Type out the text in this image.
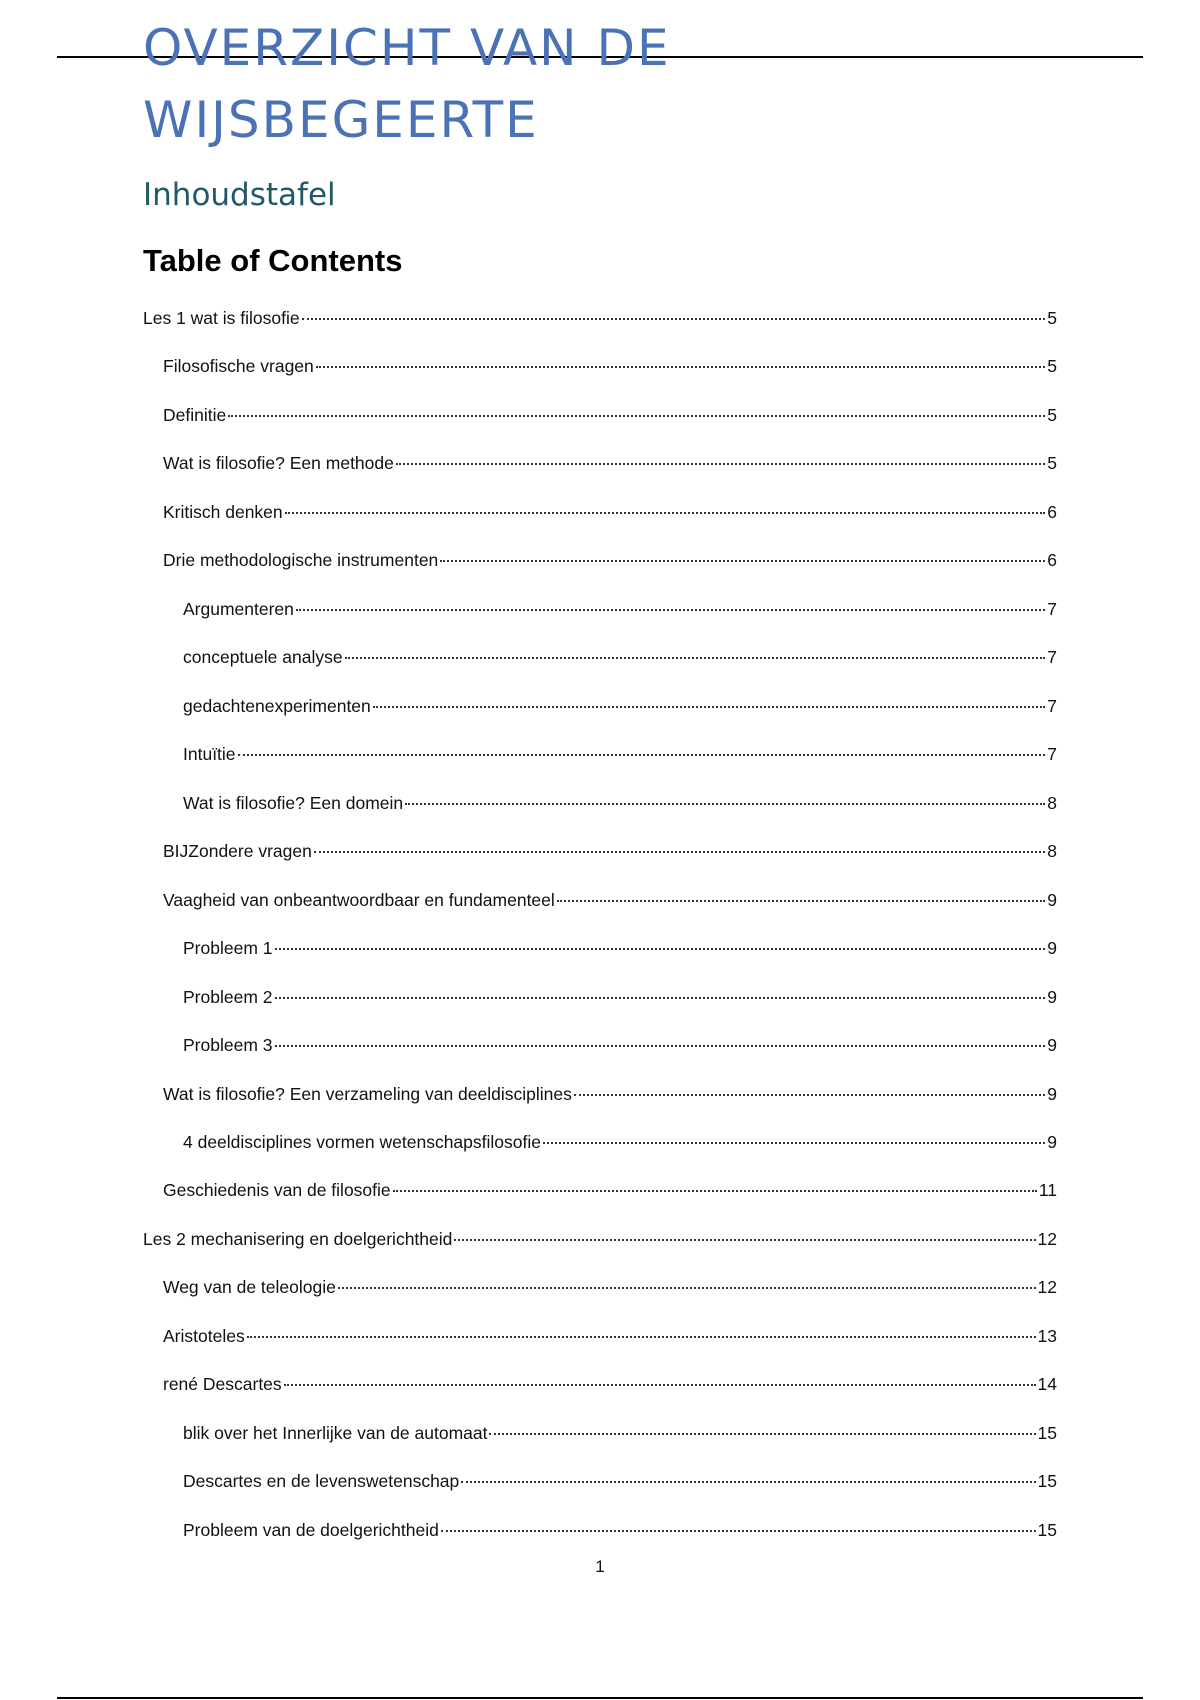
OVERZICHT VAN DE WIJSBEGEERTE
Inhoudstafel
Table of Contents
Les 1 wat is filosofie	5
Filosofische vragen	5
Definitie	5
Wat is filosofie? Een methode	5
Kritisch denken	6
Drie methodologische instrumenten	6
Argumenteren	7
conceptuele analyse	7
gedachtenexperimenten	7
Intuïtie	7
Wat is filosofie? Een domein	8
BIJZondere vragen	8
Vaagheid van onbeantwoordbaar en fundamenteel	9
Probleem 1	9
Probleem 2	9
Probleem 3	9
Wat is filosofie? Een verzameling van deeldisciplines	9
4 deeldisciplines vormen wetenschapsfilosofie	9
Geschiedenis van de filosofie	11
Les 2 mechanisering en doelgerichtheid	12
Weg van de teleologie	12
Aristoteles	13
rené Descartes	14
blik over het Innerlijke van de automaat	15
Descartes en de levenswetenschap	15
Probleem van de doelgerichtheid	15
1
